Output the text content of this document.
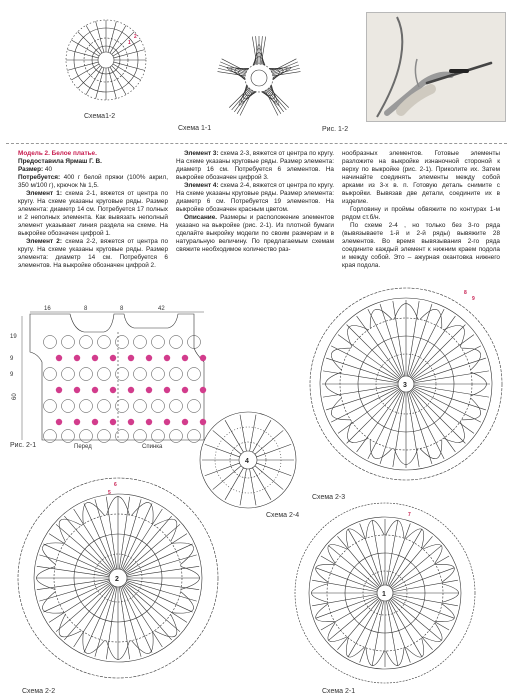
1
2
Схема1-2
Схема 1-1	Рис. 1-2

Модель 2. Белое платье.

Предоставила Ярмаш Г. В.

Размер: 40

Потребуется: 400 г белой пряжи (100% акрил, 350 м/100 г), крючок № 1,5.

Элемент 1: схема 2-1, вяжется от центра по кругу. На схеме указаны круговые ряды. Размер элемента: диаметр 14 см. Потребуется 17 полных и 2 неполных элемента. Как вывязать неполный элемент указывает линия раздела на схеме. На выкройке обозначен цифрой 1.

Элемент 2: схема 2-2, вяжется от центра по кругу. На схеме указаны круговые ряды. Размер элемента: диаметр 14 см. Потребуется 6 элементов. На выкройке обозначен цифрой 2.

Элемент 3: схема 2-3, вяжется от центра по кругу. На схеме указаны круговые ряды. Размер элемента: диаметр 16 см. Потребуется 6 элементов. На выкройке обозначен цифрой 3.

Элемент 4: схема 2-4, вяжется от центра по кругу. На схеме указаны круговые ряды. Размер элемента: диаметр 6 см. Потребуется 19 элементов. На выкройке обозначен красным цветом.

Описание. Размеры и расположение элементов указано на выкройке (рис. 2-1). Из плотной бумаги сделайте выкройку модели по своим размерам и в натуральную величину. По предлагаемым схемам свяжите необходимое количество раз-

нообразных элементов. Готовые элементы разложите на выкройке изнаночной стороной к верху по выкройке (рис. 2-1). Приколите их. Затем начинайте соединять элементы между собой арками из 3-х в. п. Готовую деталь снимите с выкройки. Вывязав две детали, соедините их в изделие.

Горловину и проймы обвяжите по контурах 1-м рядом ст.б/н.

По схеме 2-4 , но только без 3-го ряда (вывязываете 1-й и 2-й ряды) вывяжите 28 элементов. Во время вывязывания 2-го ряда соедините каждый элемент к нижним краем подола и между собой. Это – ажурная окантовка нижнего края подола.

16	8	8	42
19
9
9
60
Перед	Спинка
Рис. 2-1
4
Схема 2-4
3
8
9
Схема 2-3
2
5
6
Схема 2-2
1
7
Схема 2-1
